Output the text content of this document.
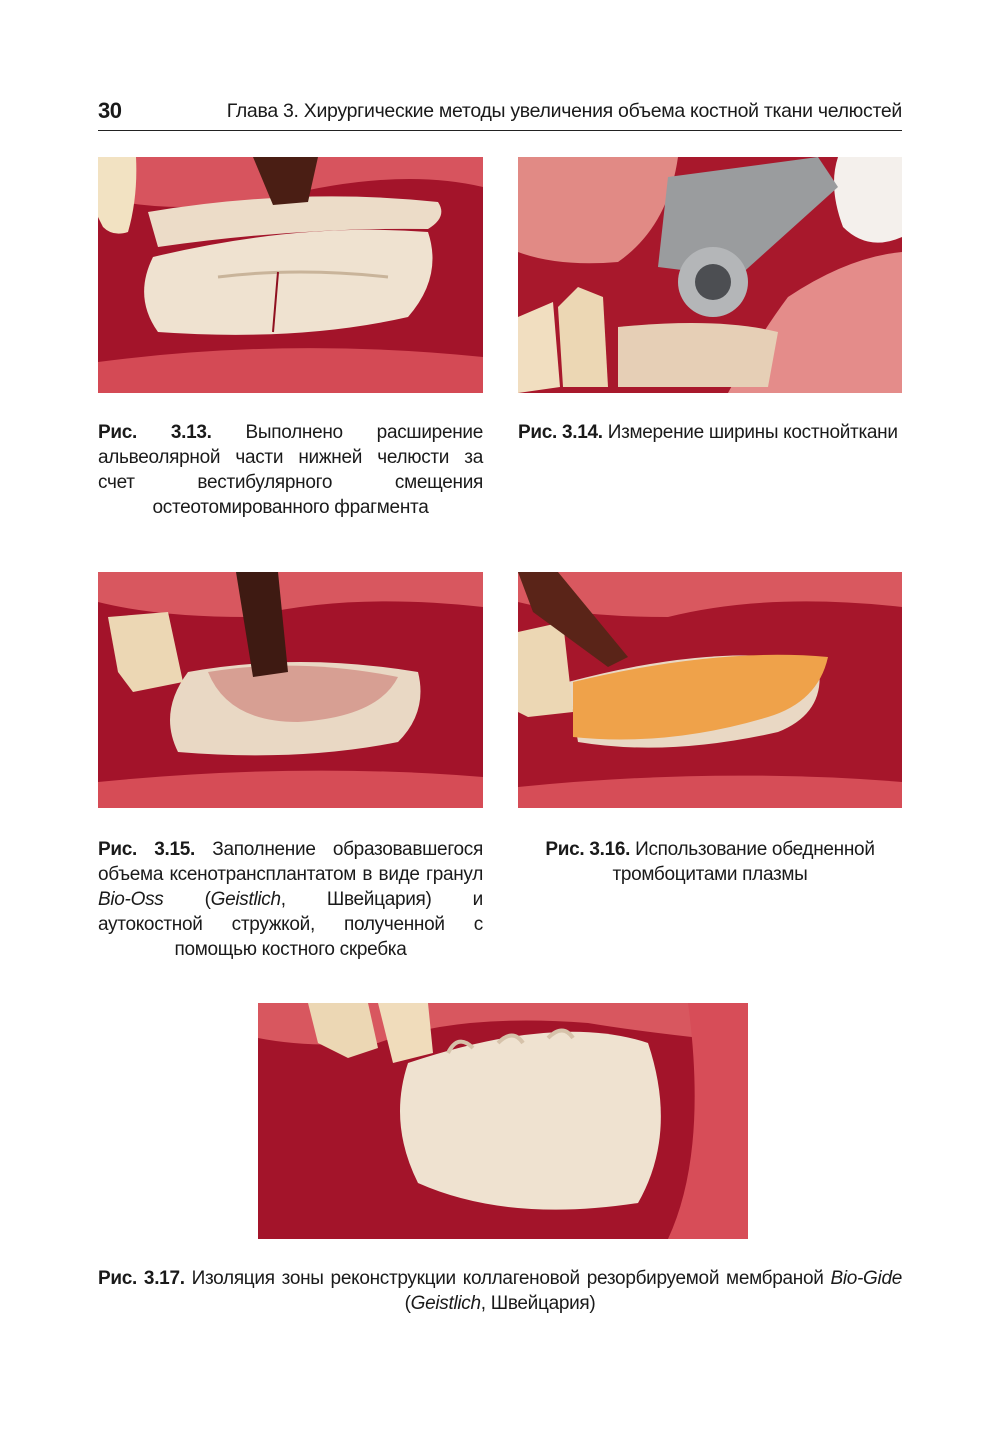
30	Глава 3. Хирургические методы увеличения объема костной ткани челюстей
Рис. 3.13. Выполнено расширение альвеолярной части нижней челюсти за счет вестибулярного смещения остеотомированного фрагмента
Рис. 3.14. Измерение ширины костнойткани
Рис. 3.15. Заполнение образовавшегося объема ксенотрансплантатом в виде гранул Bio-Oss (Geistlich, Швейцария) и аутокостной стружкой, полученной с помощью костного скребка
Рис. 3.16. Использование обедненной тромбоцитами плазмы
Рис. 3.17. Изоляция зоны реконструкции коллагеновой резорбируемой мембраной Bio-Gide (Geistlich, Швейцария)
